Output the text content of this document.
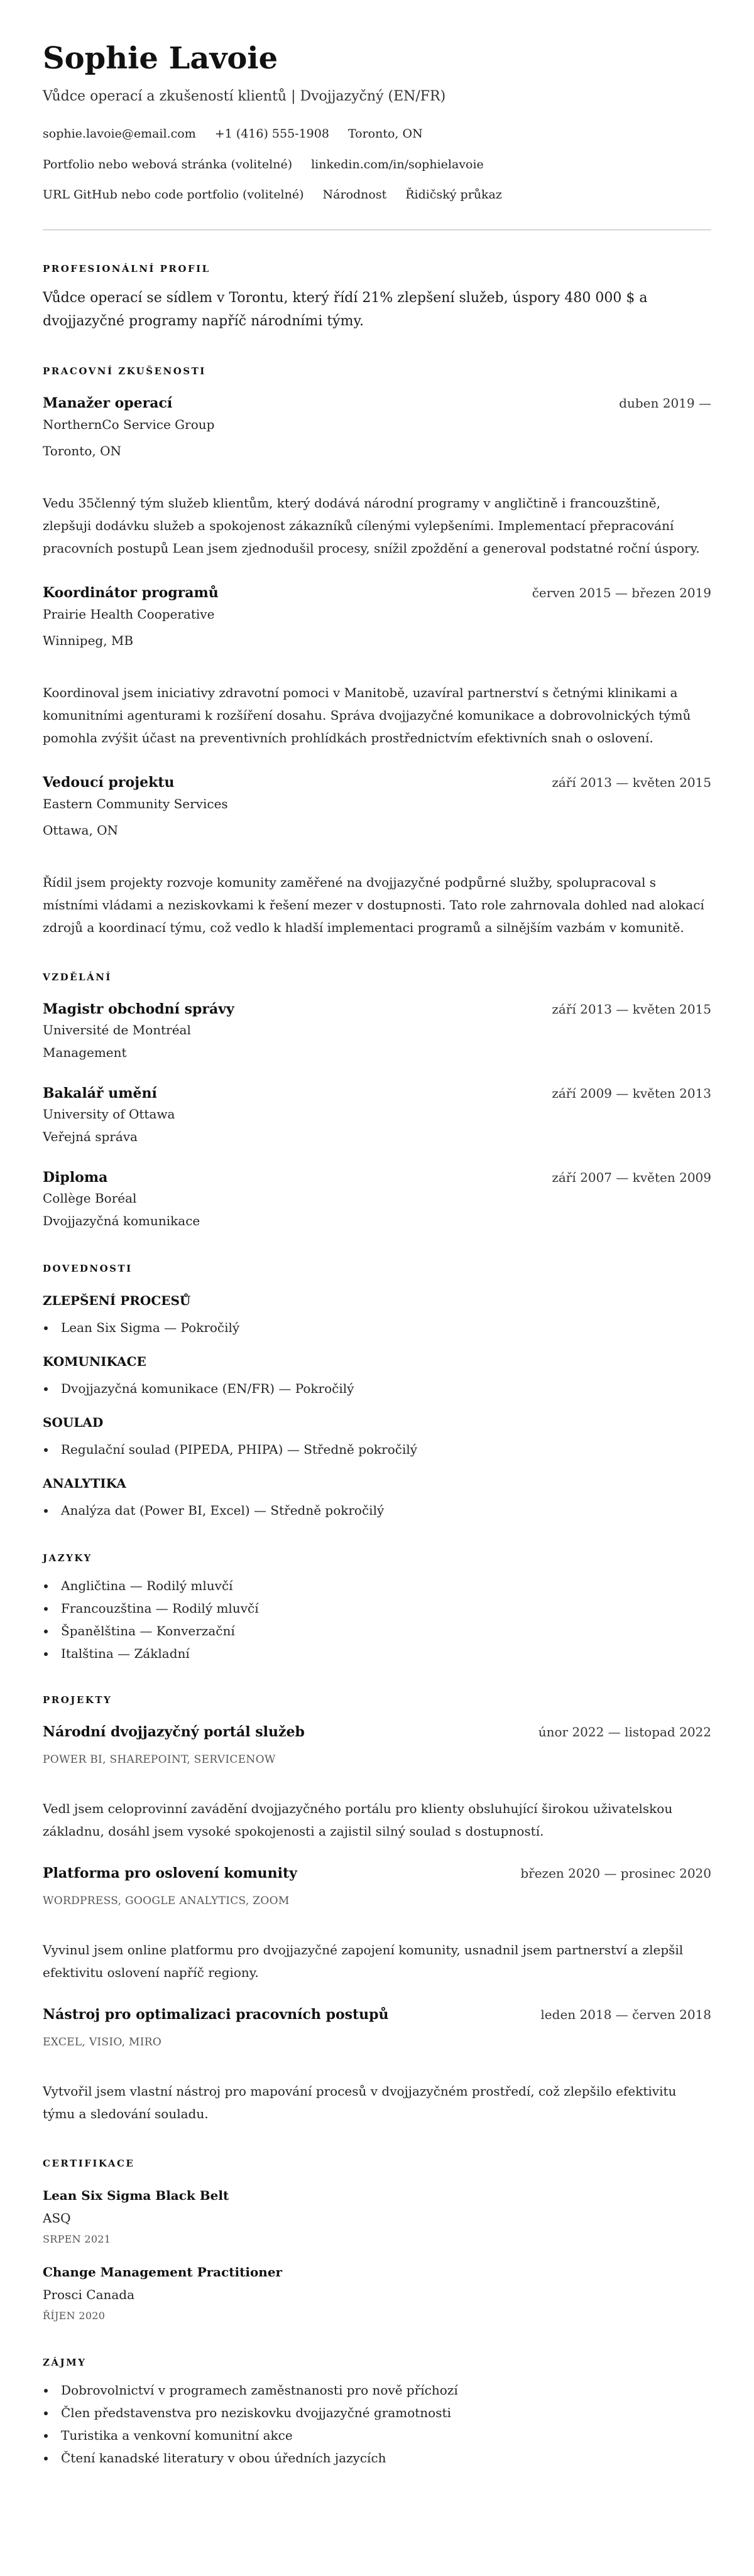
Sophie Lavoie
Vůdce operací a zkušeností klientů | Dvojjazyčný (EN/FR)
sophie.lavoie@email.com +1 (416) 555-1908 Toronto, ON
Portfolio nebo webová stránka (volitelné) linkedin.com/in/sophielavoie
URL GitHub nebo code portfolio (volitelné) Národnost Řidičský průkaz
PROFESIONÁLNÍ PROFIL
Vůdce operací se sídlem v Torontu, který řídí 21% zlepšení služeb, úspory 480 000 $ a dvojjazyčné programy napříč národními týmy.
PRACOVNÍ ZKUŠENOSTI
Manažer operací	duben 2019 —
NorthernCo Service Group
Toronto, ON
Vedu 35členný tým služeb klientům, který dodává národní programy v angličtině i francouzštině, zlepšuji dodávku služeb a spokojenost zákazníků cílenými vylepšeními. Implementací přepracování pracovních postupů Lean jsem zjednodušil procesy, snížil zpoždění a generoval podstatné roční úspory.
Koordinátor programů	červen 2015 — březen 2019
Prairie Health Cooperative
Winnipeg, MB
Koordinoval jsem iniciativy zdravotní pomoci v Manitobě, uzavíral partnerství s četnými klinikami a komunitními agenturami k rozšíření dosahu. Správa dvojjazyčné komunikace a dobrovolnických týmů pomohla zvýšit účast na preventivních prohlídkách prostřednictvím efektivních snah o oslovení.
Vedoucí projektu	září 2013 — květen 2015
Eastern Community Services
Ottawa, ON
Řídil jsem projekty rozvoje komunity zaměřené na dvojjazyčné podpůrné služby, spolupracoval s místními vládami a neziskovkami k řešení mezer v dostupnosti. Tato role zahrnovala dohled nad alokací zdrojů a koordinací týmu, což vedlo k hladší implementaci programů a silnějším vazbám v komunitě.
VZDĚLÁNÍ
Magistr obchodní správy	září 2013 — květen 2015
Université de Montréal
Management
Bakalář umění	září 2009 — květen 2013
University of Ottawa
Veřejná správa
Diploma	září 2007 — květen 2009
Collège Boréal
Dvojjazyčná komunikace
DOVEDNOSTI
ZLEPŠENÍ PROCESŮ
Lean Six Sigma — Pokročilý
KOMUNIKACE
Dvojjazyčná komunikace (EN/FR) — Pokročilý
SOULAD
Regulační soulad (PIPEDA, PHIPA) — Středně pokročilý
ANALYTIKA
Analýza dat (Power BI, Excel) — Středně pokročilý
JAZYKY
Angličtina — Rodilý mluvčí
Francouzština — Rodilý mluvčí
Španělština — Konverzační
Italština — Základní
PROJEKTY
Národní dvojjazyčný portál služeb	únor 2022 — listopad 2022
POWER BI, SHAREPOINT, SERVICENOW
Vedl jsem celoprovinní zavádění dvojjazyčného portálu pro klienty obsluhující širokou uživatelskou základnu, dosáhl jsem vysoké spokojenosti a zajistil silný soulad s dostupností.
Platforma pro oslovení komunity	březen 2020 — prosinec 2020
WORDPRESS, GOOGLE ANALYTICS, ZOOM
Vyvinul jsem online platformu pro dvojjazyčné zapojení komunity, usnadnil jsem partnerství a zlepšil efektivitu oslovení napříč regiony.
Nástroj pro optimalizaci pracovních postupů	leden 2018 — červen 2018
EXCEL, VISIO, MIRO
Vytvořil jsem vlastní nástroj pro mapování procesů v dvojjazyčném prostředí, což zlepšilo efektivitu týmu a sledování souladu.
CERTIFIKACE
Lean Six Sigma Black Belt
ASQ
SRPEN 2021
Change Management Practitioner
Prosci Canada
ŘÍJEN 2020
ZÁJMY
Dobrovolnictví v programech zaměstnanosti pro nově příchozí
Člen představenstva pro neziskovku dvojjazyčné gramotnosti
Turistika a venkovní komunitní akce
Čtení kanadské literatury v obou úředních jazycích
